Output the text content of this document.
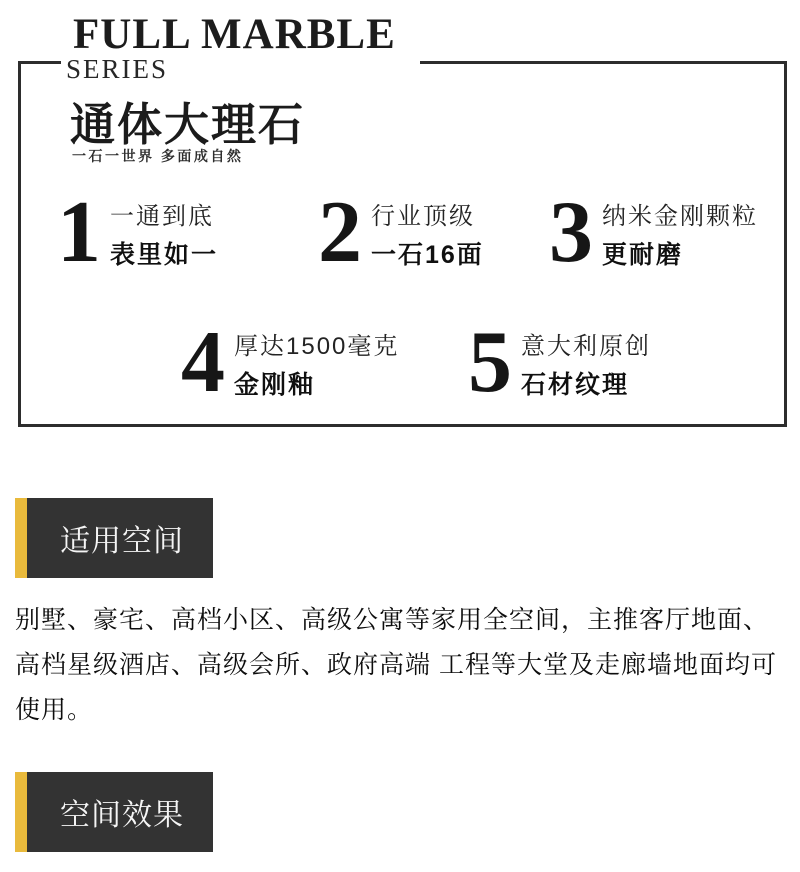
FULL MARBLE
SERIES
通体大理石
一石一世界 多面成自然
1 一通到底
表里如一 2 行业顶级
一石16面 3 纳米金刚颗粒
更耐磨
4 厚达1500毫克
金刚釉	5 意大利原创
石材纹理
适用空间
别墅、豪宅、高档小区、高级公寓等家用全空间，主推客厅地面、
高档星级酒店、高级会所、政府高端 工程等大堂及走廊墙地面均可
使用。
空间效果
